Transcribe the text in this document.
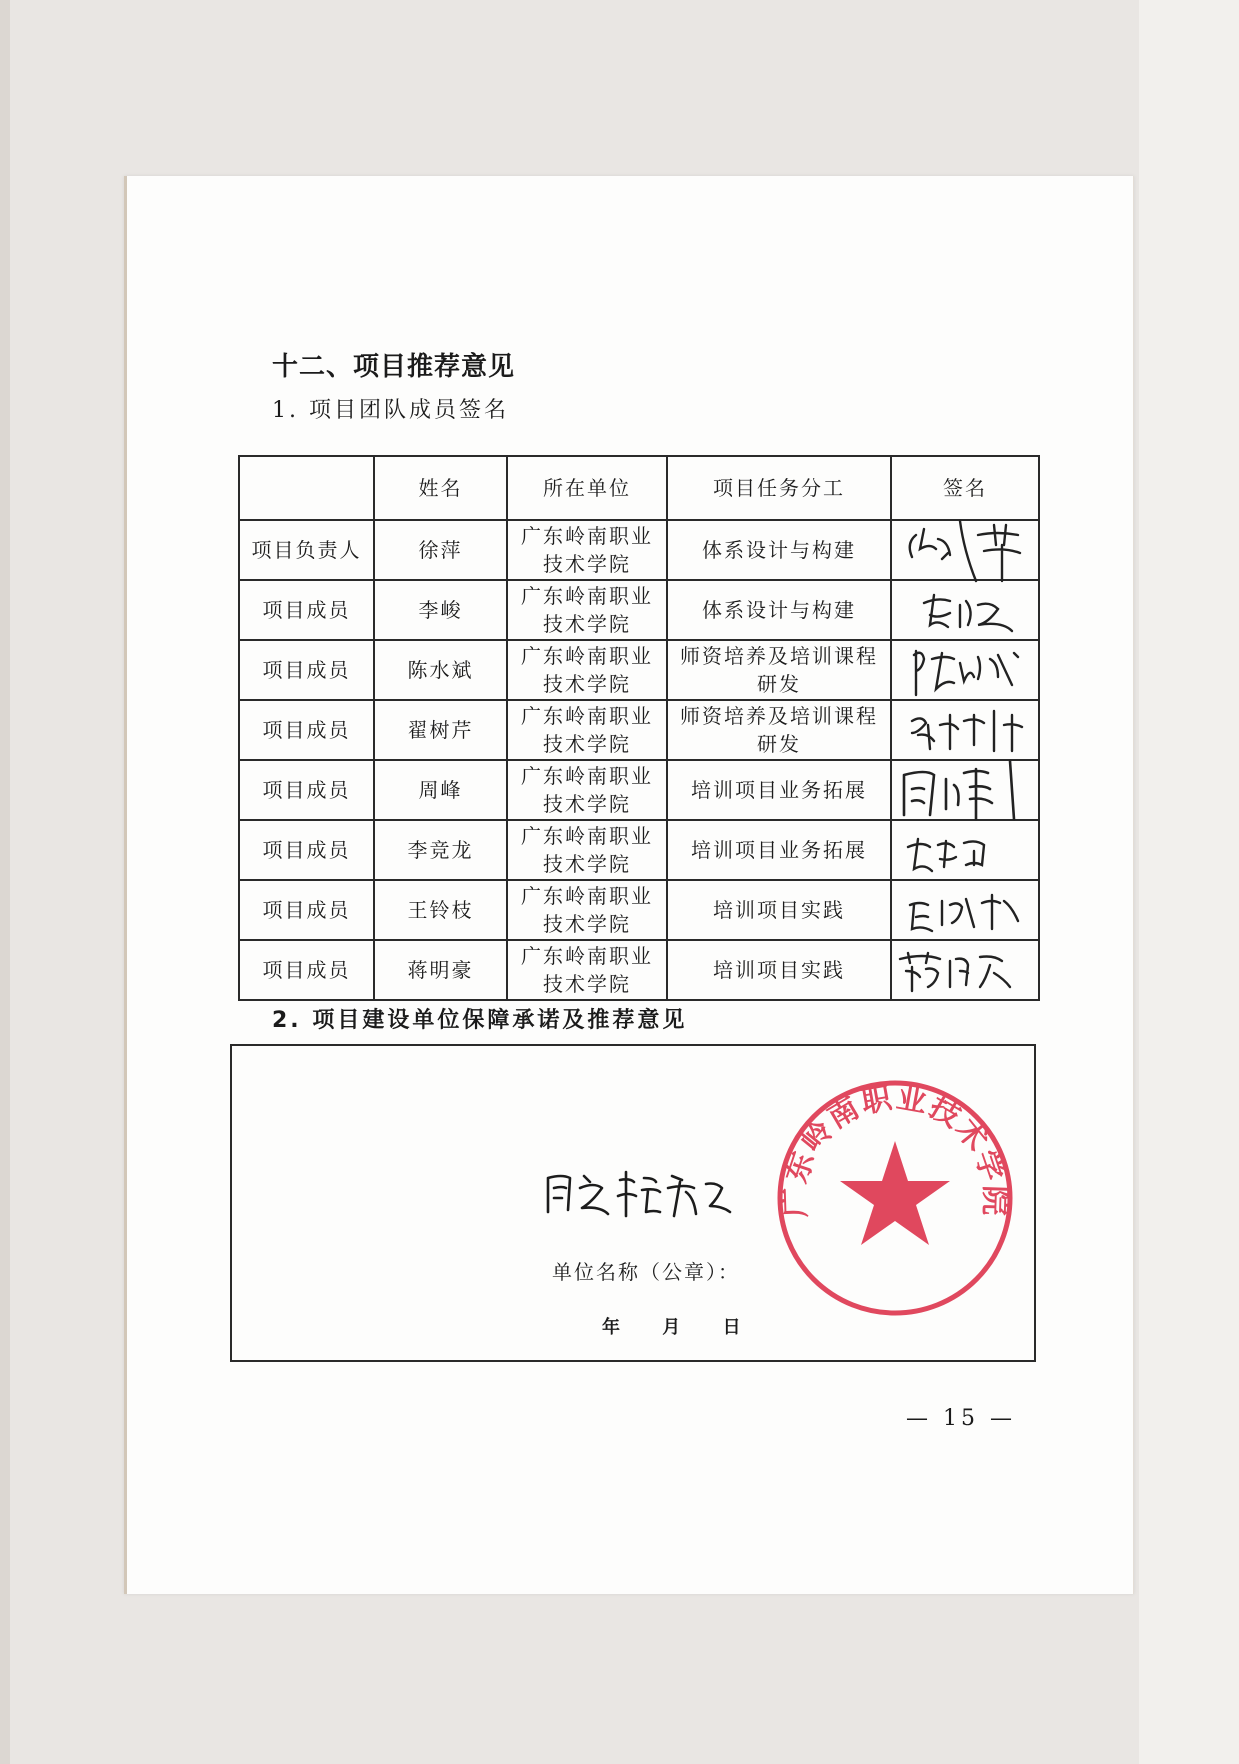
十二、项目推荐意见
1. 项目团队成员签名
	姓名	所在单位	项目任务分工	签名
项目负责人	徐萍	广东岭南职业技术学院	体系设计与构建	

项目成员	李峻	广东岭南职业技术学院	体系设计与构建	

项目成员	陈水斌	广东岭南职业技术学院	师资培养及培训课程研发	

项目成员	翟树芹	广东岭南职业技术学院	师资培养及培训课程研发	

项目成员	周峰	广东岭南职业技术学院	培训项目业务拓展	

项目成员	李竞龙	广东岭南职业技术学院	培训项目业务拓展	

项目成员	王铃枝	广东岭南职业技术学院	培训项目实践	

项目成员	蒋明豪	广东岭南职业技术学院	培训项目实践	
2. 项目建设单位保障承诺及推荐意见
单位名称（公章）：
年 月 日
广东岭南职业技术学院
— 15 —
